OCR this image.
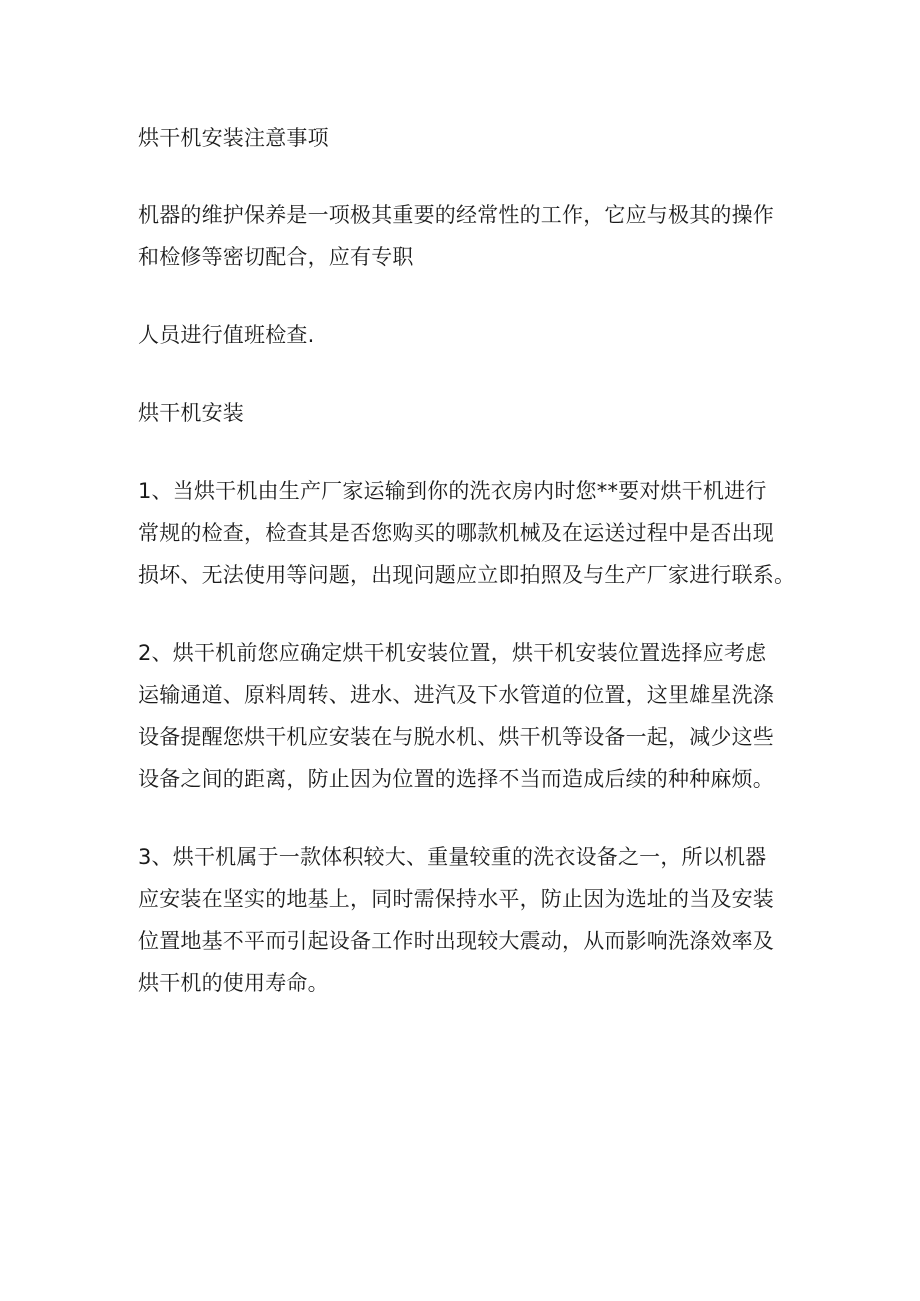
烘干机安装注意事项

机器的维护保养是一项极其重要的经常性的工作，它应与极其的操作
和检修等密切配合，应有专职

人员进行值班检查.

烘干机安装

1、当烘干机由生产厂家运输到你的洗衣房内时您**要对烘干机进行
常规的检查，检查其是否您购买的哪款机械及在运送过程中是否出现
损坏、无法使用等问题，出现问题应立即拍照及与生产厂家进行联系。

2、烘干机前您应确定烘干机安装位置，烘干机安装位置选择应考虑
运输通道、原料周转、进水、进汽及下水管道的位置，这里雄星洗涤
设备提醒您烘干机应安装在与脱水机、烘干机等设备一起，减少这些
设备之间的距离，防止因为位置的选择不当而造成后续的种种麻烦。

3、烘干机属于一款体积较大、重量较重的洗衣设备之一，所以机器
应安装在坚实的地基上，同时需保持水平，防止因为选址的当及安装
位置地基不平而引起设备工作时出现较大震动，从而影响洗涤效率及
烘干机的使用寿命。
